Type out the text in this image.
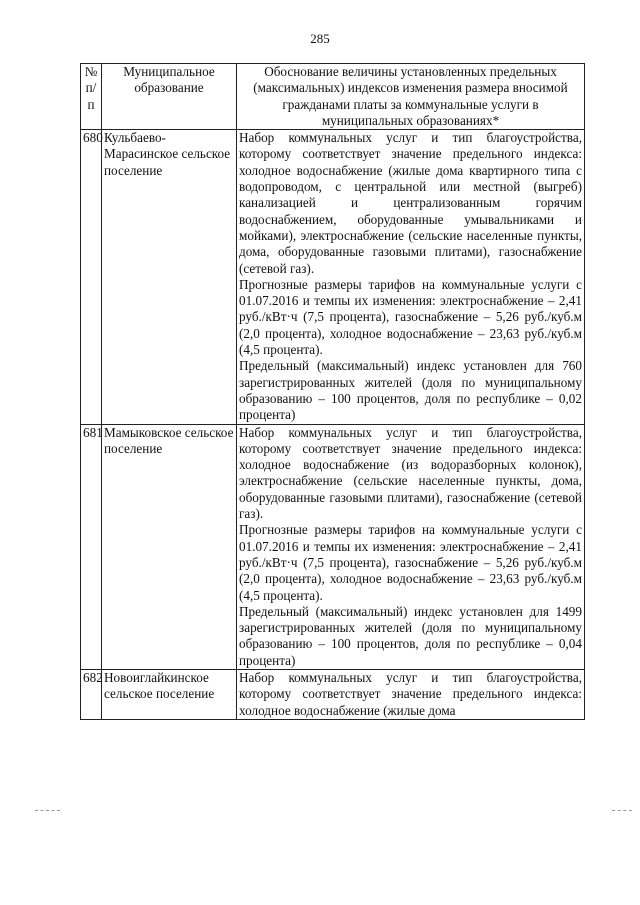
285
№ п/п	Муниципальное образование	Обоснование величины установленных предельных (максимальных) индексов изменения размера вносимой гражданами платы за коммунальные услуги в муниципальных образованиях*
680	Кульбаево-Марасинское сельское поселение	Набор коммунальных услуг и тип благоустройства, которому соответствует значение предельного индекса: холодное водоснабжение (жилые дома квартирного типа с водопроводом, с центральной или местной (выгреб) канализацией и централизованным горячим водоснабжением, оборудованные умывальниками и мойками), электроснабжение (сельские населенные пункты, дома, оборудованные газовыми плитами), газоснабжение (сетевой газ).

Прогнозные размеры тарифов на коммунальные услуги с 01.07.2016 и темпы их изменения: электроснабжение – 2,41 руб./кВт·ч (7,5 процента), газоснабжение – 5,26 руб./куб.м (2,0 процента), холодное водоснабжение – 23,63 руб./куб.м (4,5 процента).

Предельный (максимальный) индекс установлен для 760 зарегистрированных жителей (доля по муниципальному образованию – 100 процентов, доля по республике – 0,02 процента)

681	Мамыковское сельское поселение	Набор коммунальных услуг и тип благоустройства, которому соответствует значение предельного индекса: холодное водоснабжение (из водоразборных колонок), электроснабжение (сельские населенные пункты, дома, оборудованные газовыми плитами), газоснабжение (сетевой газ).

Прогнозные размеры тарифов на коммунальные услуги с 01.07.2016 и темпы их изменения: электроснабжение – 2,41 руб./кВт·ч (7,5 процента), газоснабжение – 5,26 руб./куб.м (2,0 процента), холодное водоснабжение – 23,63 руб./куб.м (4,5 процента).

Предельный (максимальный) индекс установлен для 1499 зарегистрированных жителей (доля по муниципальному образованию – 100 процентов, доля по республике – 0,04 процента)

682	Новоиглайкинское сельское поселение	Набор коммунальных услуг и тип благоустройства, которому соответствует значение предельного индекса: холодное водоснабжение (жилые дома
